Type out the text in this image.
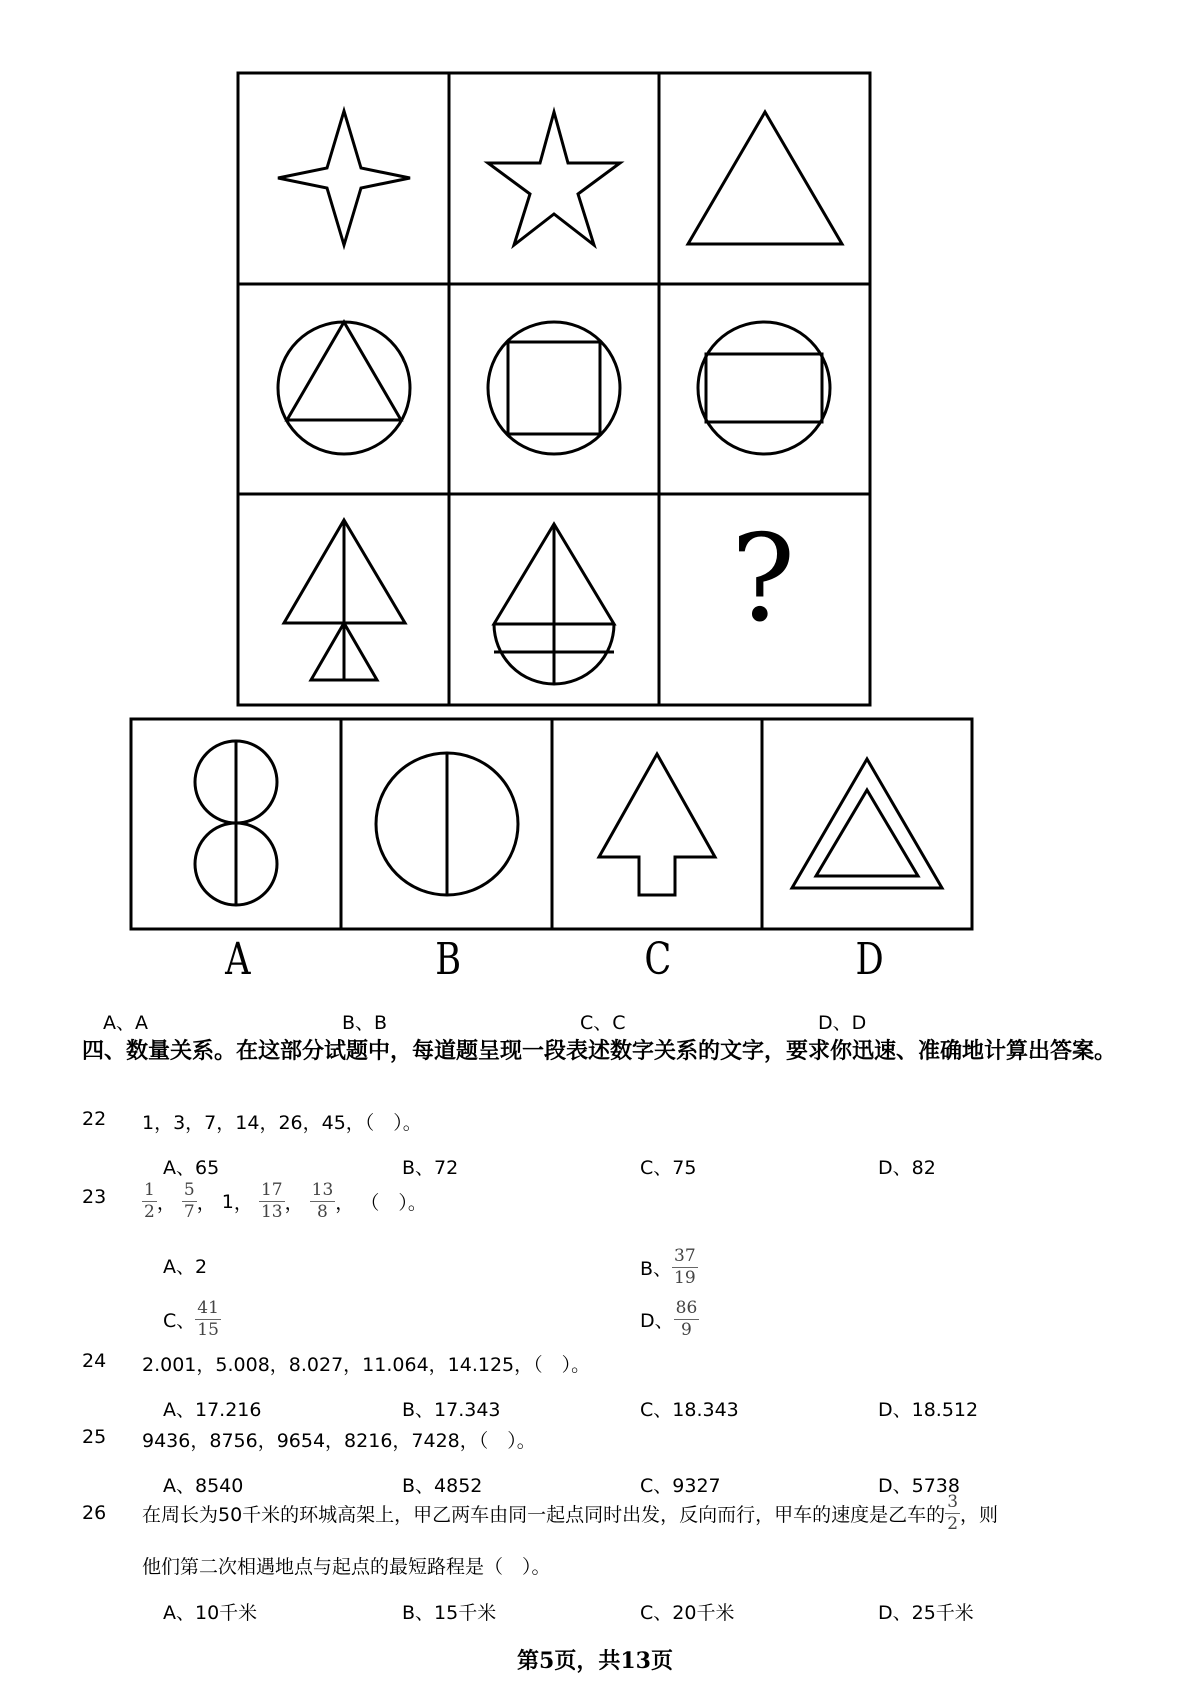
?
A	B	C	D
A、A	B、B	C、C	D、D
四、数量关系。在这部分试题中，每道题呈现一段表述数字关系的文字，要求你迅速、准确地计算出答案。
22 1，3，7，14，26，45，（　）。
A、65	B、72	C、75	D、82
$23 \frac{1}{2}$ ，
$\frac{5}{7}$ ，
1 ，
$\frac{17}{13}$ ，
$\frac{13}{8}$ ，
（　）。
A、2	B、 $\frac{37}{19}$
C、 $\frac{41}{15}$	D、 $\frac{86}{9}$
24 2.001，5.008，8.027，11.064，14.125，（　）。
A、17.216	B、17.343	C、18.343	D、18.512
25 9436，8756，9654，8216，7428，（　）。
A、8540	B、4852	C、9327	D、5738
26 在周长为50千米的环城高架上，甲乙两车由同一起点同时出发，反向而行，甲车的速度是乙车的 $\frac{3}{2}$ ，则
他们第二次相遇地点与起点的最短路程是（　）。
A、10千米	B、15千米	C、20千米	D、25千米
第5页，共13页
